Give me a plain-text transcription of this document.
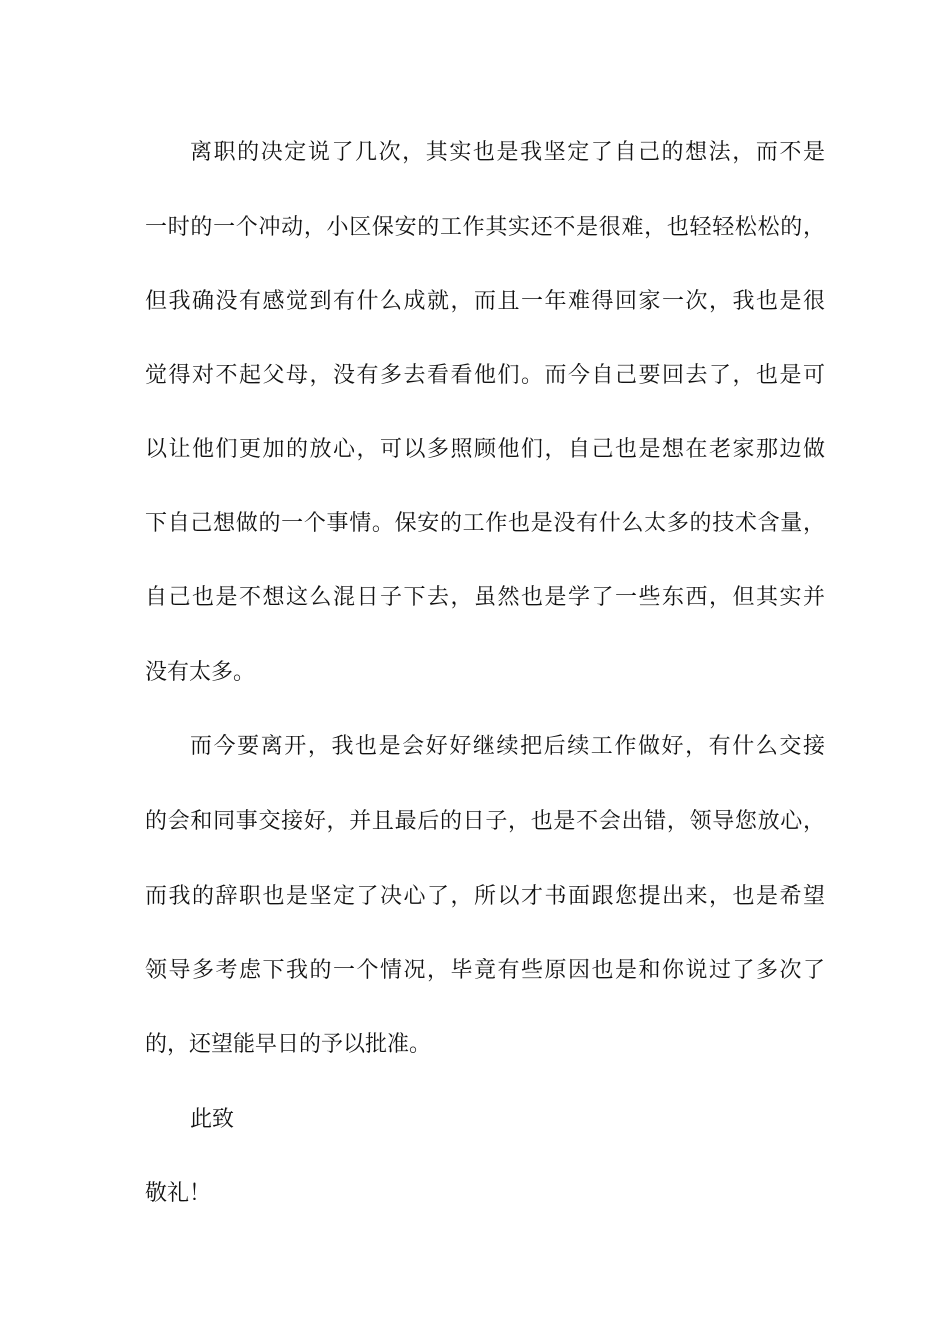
离职的决定说了几次，其实也是我坚定了自己的想法，而不是
一时的一个冲动，小区保安的工作其实还不是很难，也轻轻松松的，
但我确没有感觉到有什么成就，而且一年难得回家一次，我也是很
觉得对不起父母，没有多去看看他们。而今自己要回去了，也是可
以让他们更加的放心，可以多照顾他们，自己也是想在老家那边做
下自己想做的一个事情。保安的工作也是没有什么太多的技术含量，
自己也是不想这么混日子下去，虽然也是学了一些东西，但其实并
没有太多。
而今要离开，我也是会好好继续把后续工作做好，有什么交接
的会和同事交接好，并且最后的日子，也是不会出错，领导您放心，
而我的辞职也是坚定了决心了，所以才书面跟您提出来，也是希望
领导多考虑下我的一个情况，毕竟有些原因也是和你说过了多次了
的，还望能早日的予以批准。
此致
敬礼！
